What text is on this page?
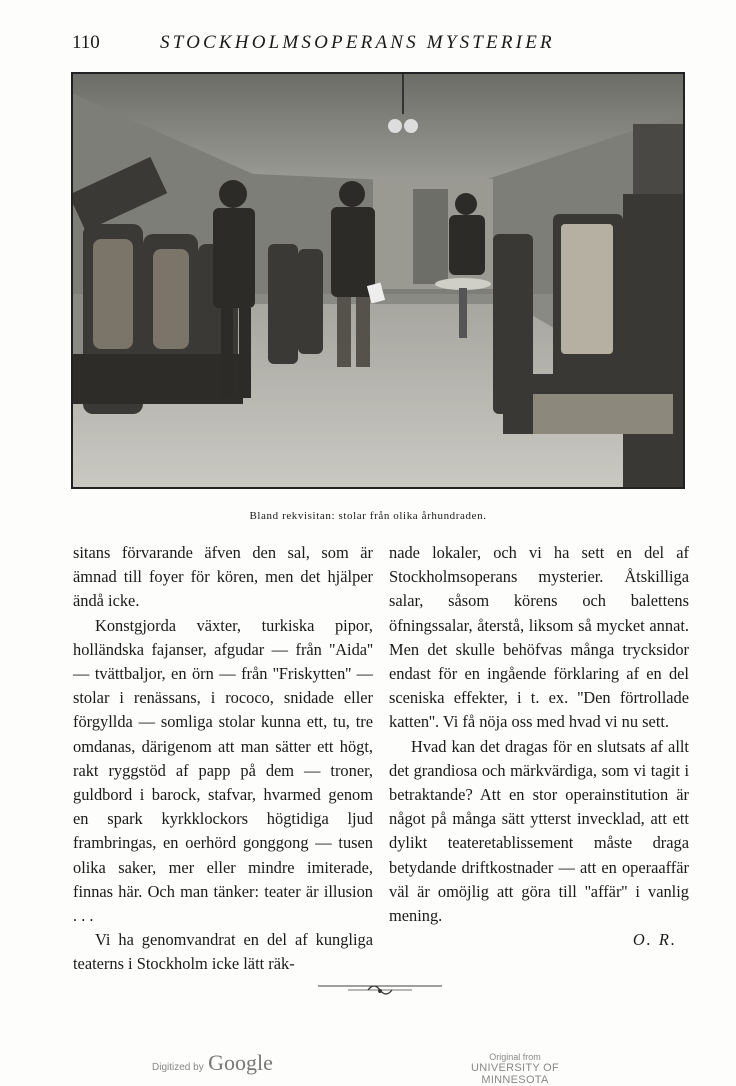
110	STOCKHOLMSOPERANS MYSTERIER
Bland rekvisitan: stolar från olika århundraden.

sitans förvarande äfven den sal, som är ämnad till foyer för kören, men det hjälper ändå icke.

Konstgjorda växter, turkiska pipor, holländska fajanser, afgudar — från ''Aida'' — tvättbaljor, en örn — från ''Friskytten'' — stolar i renässans, i rococo, snidade eller förgyllda — somliga stolar kunna ett, tu, tre omdanas, därigenom att man sätter ett högt, rakt ryggstöd af papp på dem — troner, guldbord i barock, stafvar, hvarmed genom en spark kyrkklockors högtidiga ljud frambringas, en oerhörd gonggong — tusen olika saker, mer eller mindre imiterade, finnas här. Och man tänker: teater är illusion . . .

Vi ha genomvandrat en del af kungliga teaterns i Stockholm icke lätt räk-

nade lokaler, och vi ha sett en del af Stockholmsoperans mysterier. Åtskilliga salar, såsom körens och balettens öfningssalar, återstå, liksom så mycket annat. Men det skulle behöfvas många trycksidor endast för en ingående förklaring af en del sceniska effekter, i t. ex. ''Den förtrollade katten''. Vi få nöja oss med hvad vi nu sett.

Hvad kan det dragas för en slutsats af allt det grandiosa och märkvärdiga, som vi tagit i betraktande? Att en stor operainstitution är något på många sätt ytterst invecklad, att ett dylikt teateretablissement måste draga betydande driftkostnader — att en operaaffär väl är omöjlig att göra till ''affär'' i vanlig mening.

O. R.

Digitized by Google	Original from
UNIVERSITY OF MINNESOTA
